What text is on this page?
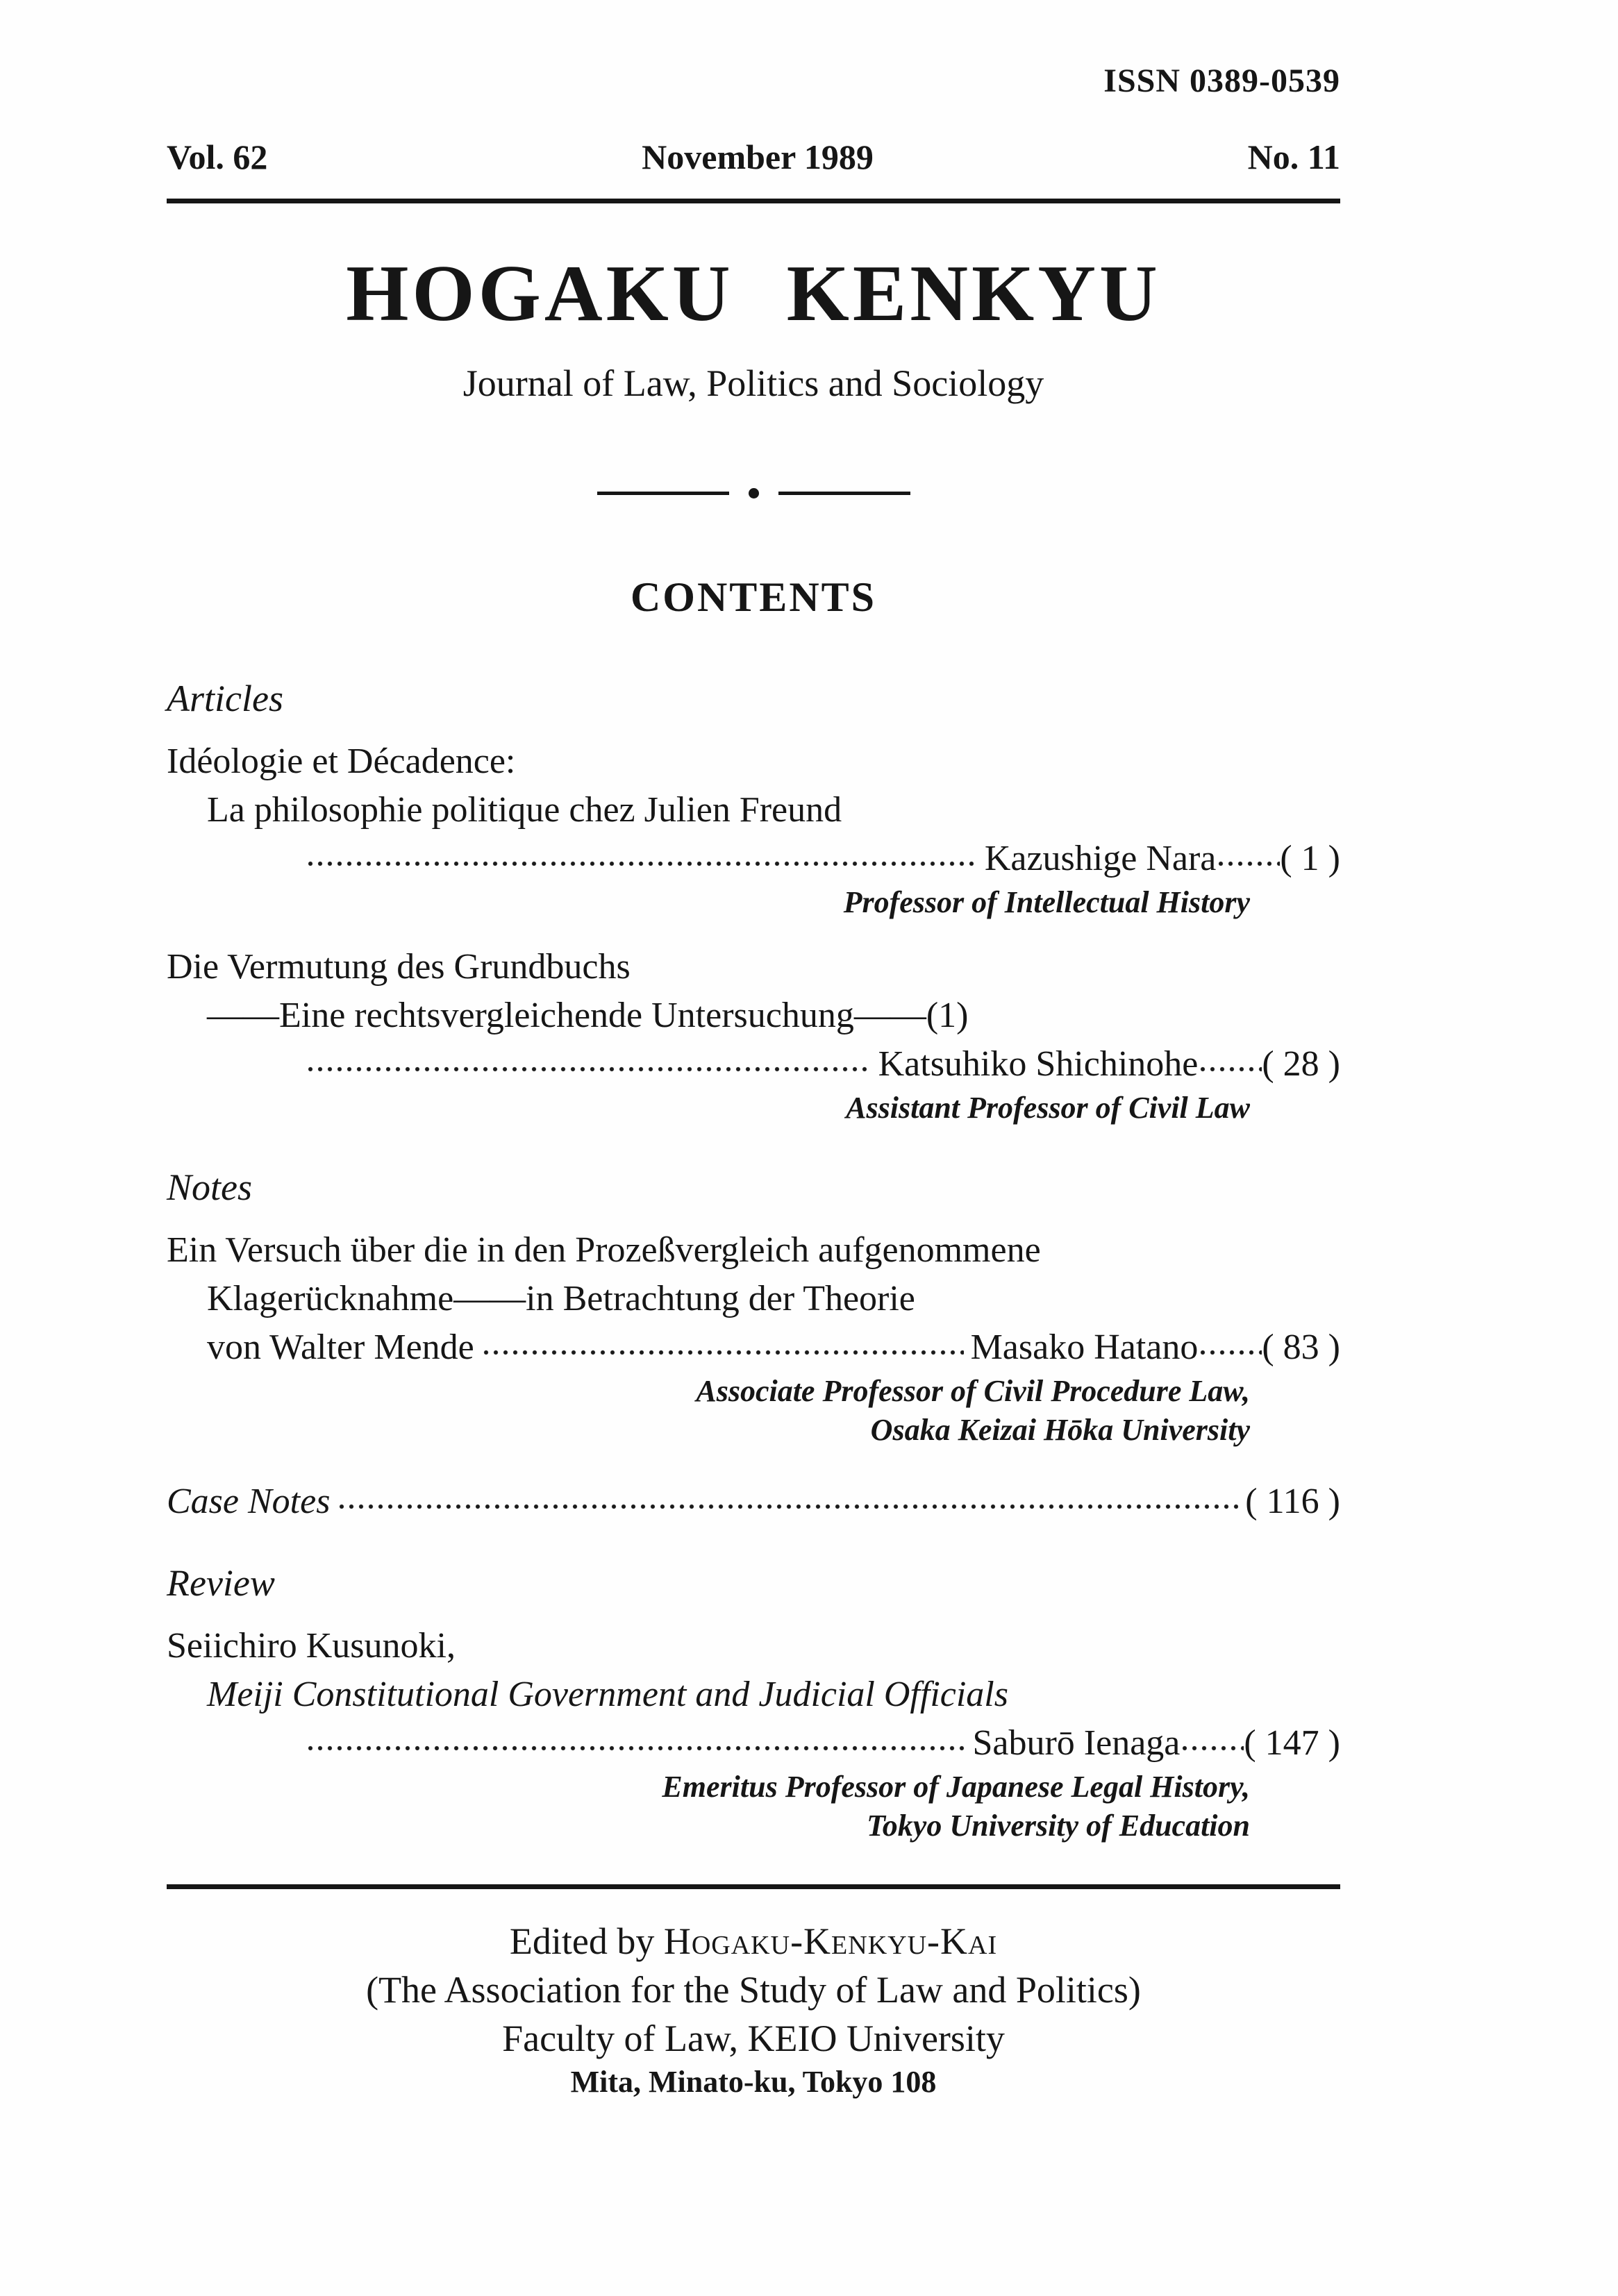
ISSN 0389-0539
Vol. 62	November 1989	No. 11
HOGAKU KENKYU
Journal of Law, Politics and Sociology
CONTENTS
Articles
Idéologie et Décadence:
La philosophie politique chez Julien Freund
Kazushige Nara ( 1 )
Professor of Intellectual History
Die Vermutung des Grundbuchs
——Eine rechtsvergleichende Untersuchung——(1)
Katsuhiko Shichinohe ( 28 )
Assistant Professor of Civil Law
Notes
Ein Versuch über die in den Prozeßvergleich aufgenommene
Klagerücknahme——in Betrachtung der Theorie
von Walter Mende	Masako Hatano ( 83 )
Associate Professor of Civil Procedure Law,
Osaka Keizai Hōka University
Case Notes	( 116 )
Review
Seiichiro Kusunoki,
Meiji Constitutional Government and Judicial Officials
Saburō Ienaga ( 147 )
Emeritus Professor of Japanese Legal History,
Tokyo University of Education
Edited by Hogaku-Kenkyu-Kai
(The Association for the Study of Law and Politics)
Faculty of Law, KEIO University
Mita, Minato-ku, Tokyo 108
